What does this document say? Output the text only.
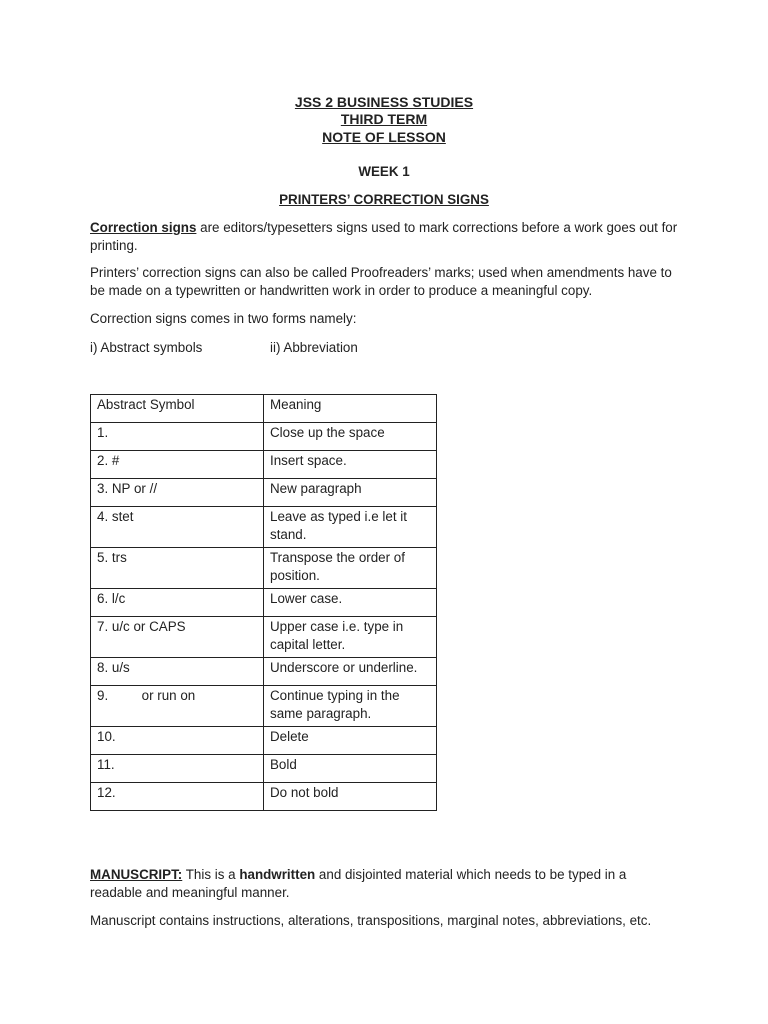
JSS 2 BUSINESS STUDIES
THIRD TERM
NOTE OF LESSON
WEEK 1
PRINTERS’ CORRECTION SIGNS
Correction signs are editors/typesetters signs used to mark corrections before a work goes out for printing.
Printers’ correction signs can also be called Proofreaders’ marks; used when amendments have to be made on a typewritten or handwritten work in order to produce a meaningful copy.
Correction signs comes in two forms namely:
i) Abstract symbols	ii) Abbreviation
Abstract Symbol	Meaning
1.	Close up the space
2. #	Insert space.
3. NP or //	New paragraph
4. stet	Leave as typed i.e let it stand.
5. trs	Transpose the order of position.
6. l/c	Lower case.
7. u/c or CAPS	Upper case i.e. type in capital letter.
8. u/s	Underscore or underline.
9.         or run on	Continue typing in the same paragraph.
10.	Delete
11.	Bold
12.	Do not bold
MANUSCRIPT: This is a handwritten and disjointed material which needs to be typed in a readable and meaningful manner.
Manuscript contains instructions, alterations, transpositions, marginal notes, abbreviations, etc.
